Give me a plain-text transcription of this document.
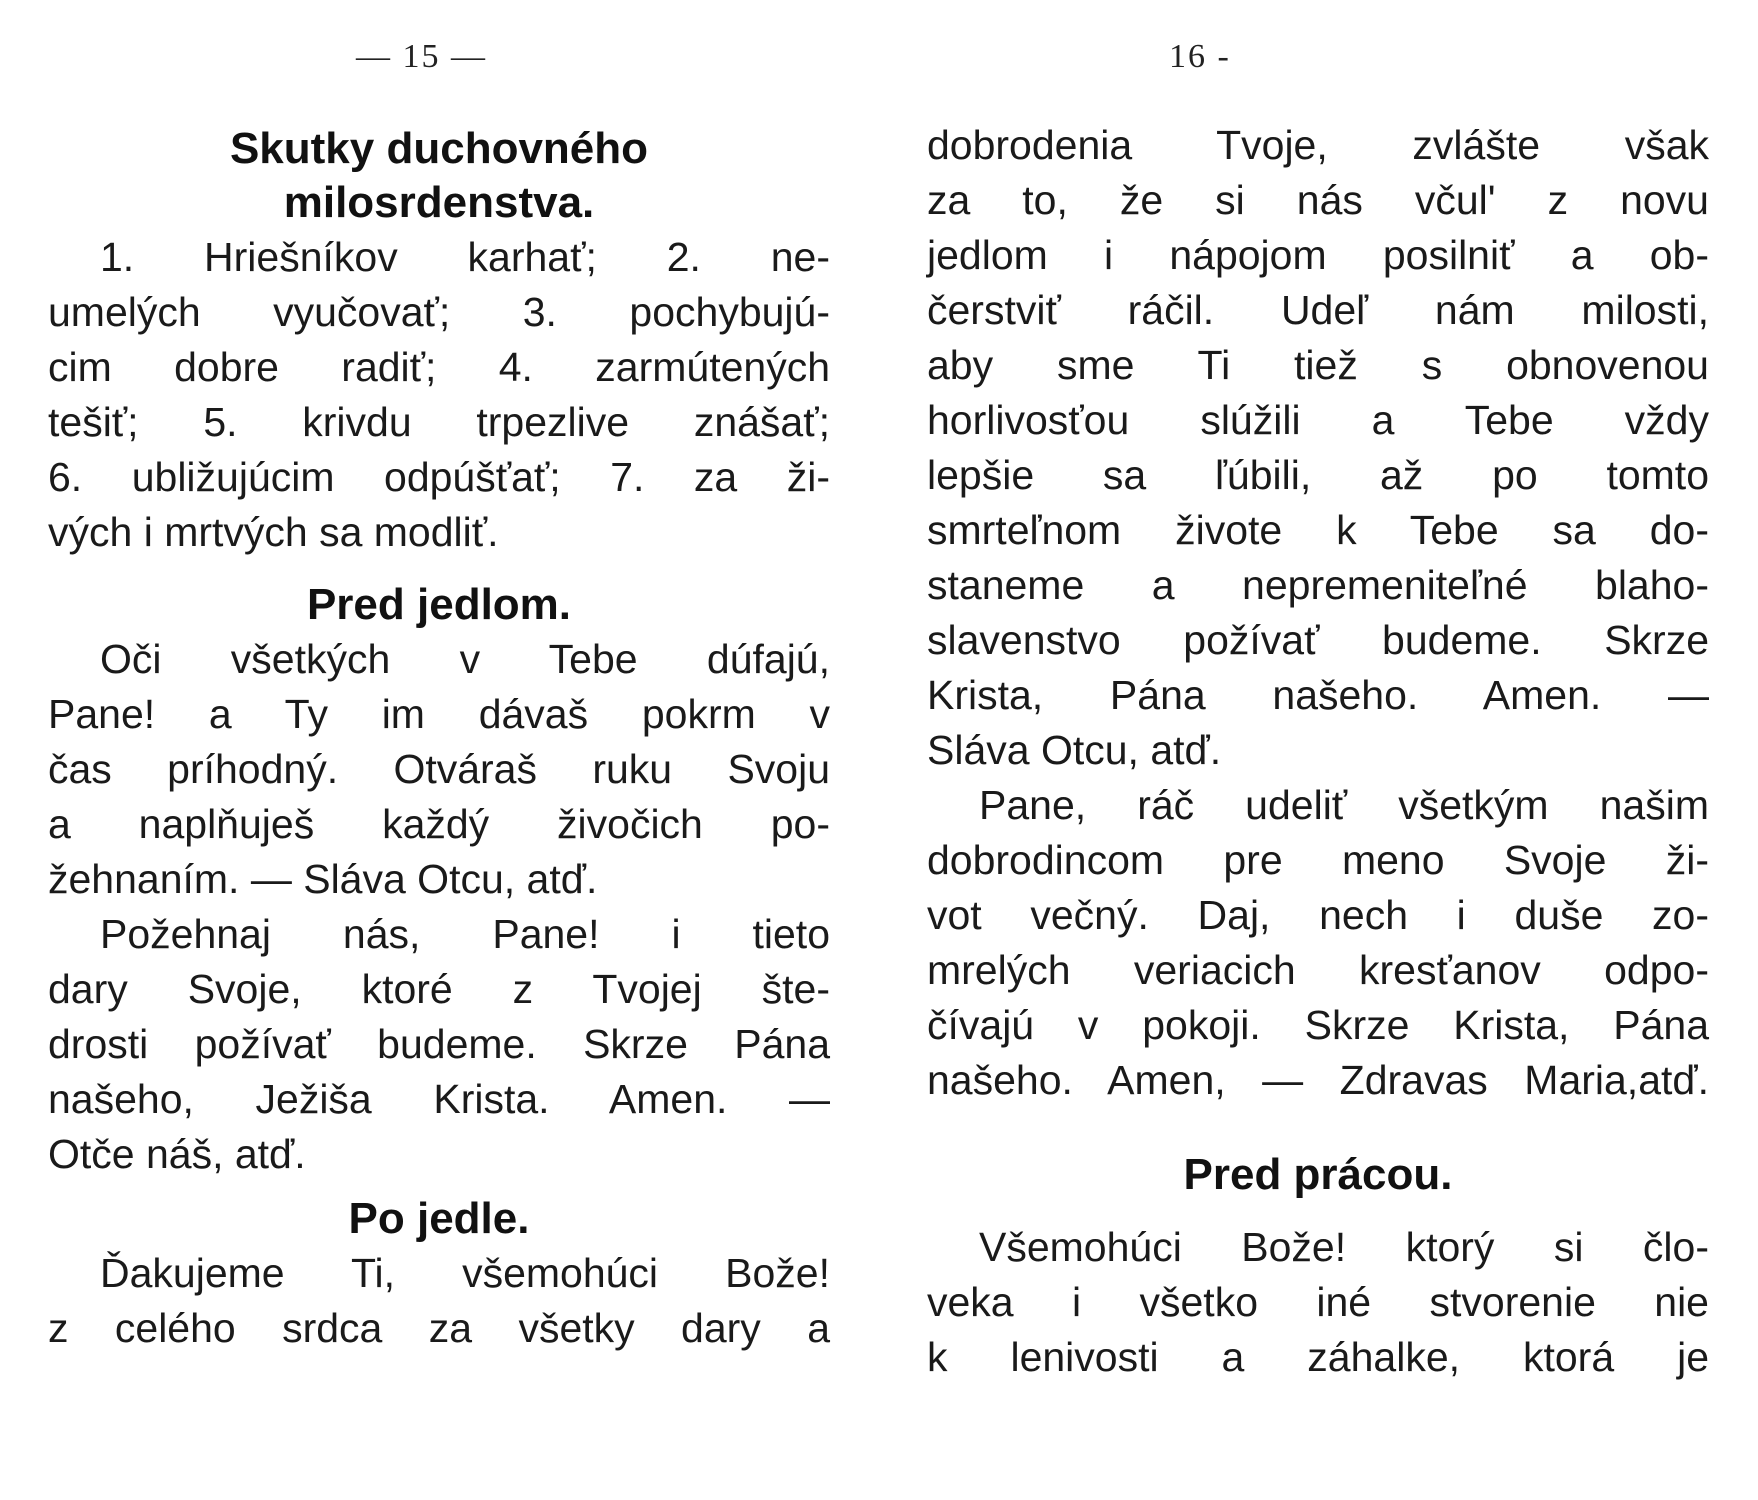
— 15 —
Skutky duchovného
milosrdenstva.
1. Hriešníkov karhať; 2. ne-
umelých vyučovať; 3. pochybujú-
cim dobre radiť; 4. zarmútených
tešiť; 5. krivdu trpezlive znášať;
6. ubližujúcim odpúšťať; 7. za ži-
vých i mrtvých sa modliť.
Pred jedlom.
Oči všetkých v Tebe dúfajú,
Pane! a Ty im dávaš pokrm v
čas príhodný. Otváraš ruku Svoju
a naplňuješ každý živočich po-
žehnaním. — Sláva Otcu, atď.
Požehnaj nás, Pane! i tieto
dary Svoje, ktoré z Tvojej šte-
drosti požívať budeme. Skrze Pána
našeho, Ježiša Krista. Amen. —
Otče náš, atď.
Po jedle.
Ďakujeme Ti, všemohúci Bože!
z celého srdca za všetky dary a
16 -
dobrodenia Tvoje, zvlášte však
za to, že si nás včul' z novu
jedlom i nápojom posilniť a ob-
čerstviť ráčil. Udeľ nám milosti,
aby sme Ti tiež s obnovenou
horlivosťou slúžili a Tebe vždy
lepšie sa ľúbili, až po tomto
smrteľnom živote k Tebe sa do-
staneme a nepremeniteľné blaho-
slavenstvo požívať budeme. Skrze
Krista, Pána našeho. Amen. —
Sláva Otcu, atď.
Pane, ráč udeliť všetkým našim
dobrodincom pre meno Svoje ži-
vot večný. Daj, nech i duše zo-
mrelých veriacich kresťanov odpo-
čívajú v pokoji. Skrze Krista, Pána
našeho. Amen, — Zdravas Maria,atď.
Pred prácou.
Všemohúci Bože! ktorý si člo-
veka i všetko iné stvorenie nie
k lenivosti a záhalke, ktorá je
